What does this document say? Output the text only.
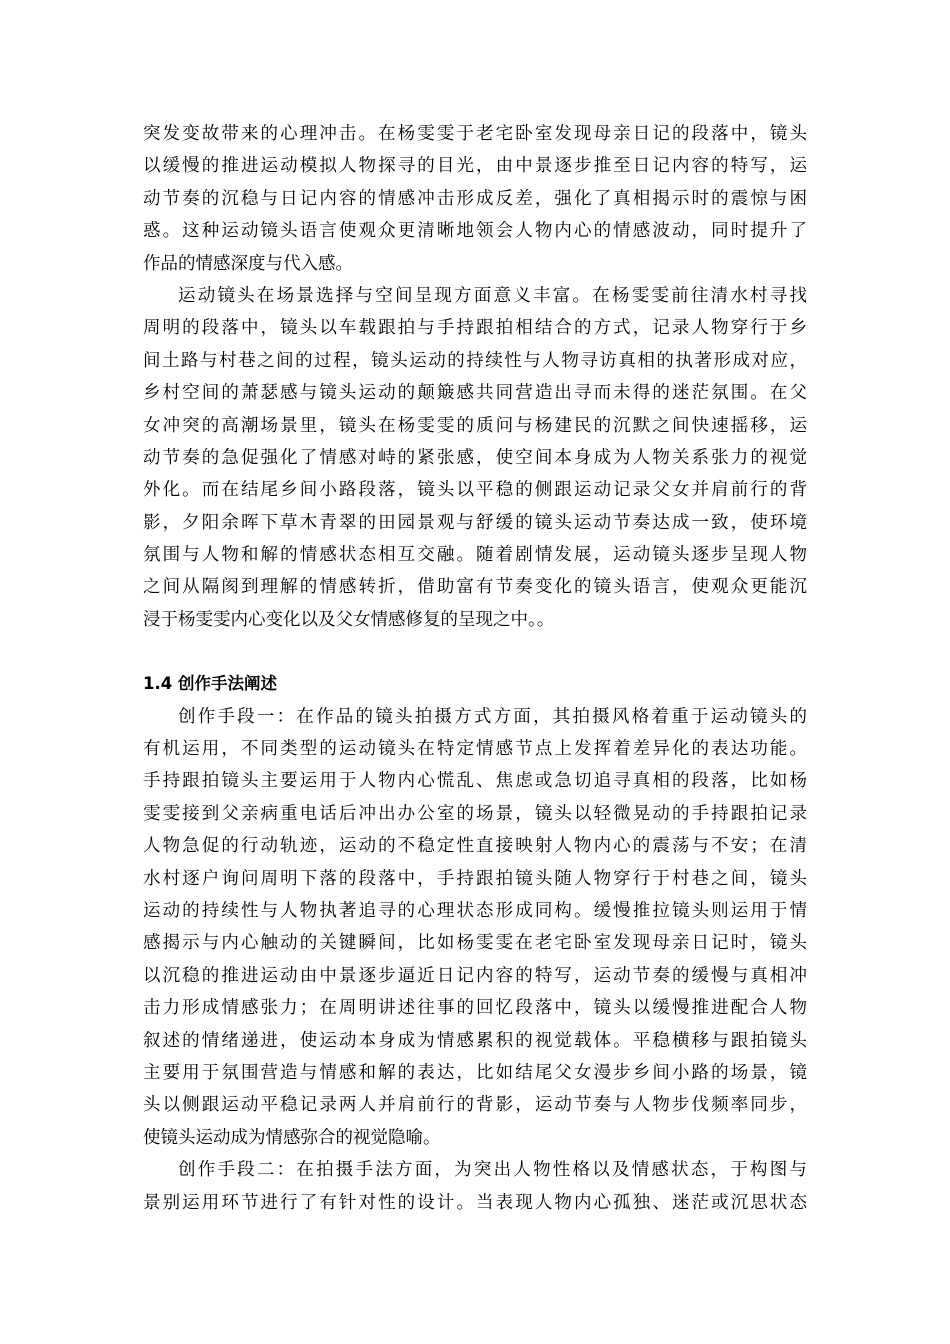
突发变故带来的心理冲击。在杨雯雯于老宅卧室发现母亲日记的段落中，镜头
以缓慢的推进运动模拟人物探寻的目光，由中景逐步推至日记内容的特写，运
动节奏的沉稳与日记内容的情感冲击形成反差，强化了真相揭示时的震惊与困
惑。这种运动镜头语言使观众更清晰地领会人物内心的情感波动，同时提升了
作品的情感深度与代入感。
运动镜头在场景选择与空间呈现方面意义丰富。在杨雯雯前往清水村寻找
周明的段落中，镜头以车载跟拍与手持跟拍相结合的方式，记录人物穿行于乡
间土路与村巷之间的过程，镜头运动的持续性与人物寻访真相的执著形成对应，
乡村空间的萧瑟感与镜头运动的颠簸感共同营造出寻而未得的迷茫氛围。在父
女冲突的高潮场景里，镜头在杨雯雯的质问与杨建民的沉默之间快速摇移，运
动节奏的急促强化了情感对峙的紧张感，使空间本身成为人物关系张力的视觉
外化。而在结尾乡间小路段落，镜头以平稳的侧跟运动记录父女并肩前行的背
影，夕阳余晖下草木青翠的田园景观与舒缓的镜头运动节奏达成一致，使环境
氛围与人物和解的情感状态相互交融。随着剧情发展，运动镜头逐步呈现人物
之间从隔阂到理解的情感转折，借助富有节奏变化的镜头语言，使观众更能沉
浸于杨雯雯内心变化以及父女情感修复的呈现之中。。
1.4 创作手法阐述
创作手段一：在作品的镜头拍摄方式方面，其拍摄风格着重于运动镜头的
有机运用，不同类型的运动镜头在特定情感节点上发挥着差异化的表达功能。
手持跟拍镜头主要运用于人物内心慌乱、焦虑或急切追寻真相的段落，比如杨
雯雯接到父亲病重电话后冲出办公室的场景，镜头以轻微晃动的手持跟拍记录
人物急促的行动轨迹，运动的不稳定性直接映射人物内心的震荡与不安；在清
水村逐户询问周明下落的段落中，手持跟拍镜头随人物穿行于村巷之间，镜头
运动的持续性与人物执著追寻的心理状态形成同构。缓慢推拉镜头则运用于情
感揭示与内心触动的关键瞬间，比如杨雯雯在老宅卧室发现母亲日记时，镜头
以沉稳的推进运动由中景逐步逼近日记内容的特写，运动节奏的缓慢与真相冲
击力形成情感张力；在周明讲述往事的回忆段落中，镜头以缓慢推进配合人物
叙述的情绪递进，使运动本身成为情感累积的视觉载体。平稳横移与跟拍镜头
主要用于氛围营造与情感和解的表达，比如结尾父女漫步乡间小路的场景，镜
头以侧跟运动平稳记录两人并肩前行的背影，运动节奏与人物步伐频率同步，
使镜头运动成为情感弥合的视觉隐喻。
创作手段二：在拍摄手法方面，为突出人物性格以及情感状态，于构图与
景别运用环节进行了有针对性的设计。当表现人物内心孤独、迷茫或沉思状态
